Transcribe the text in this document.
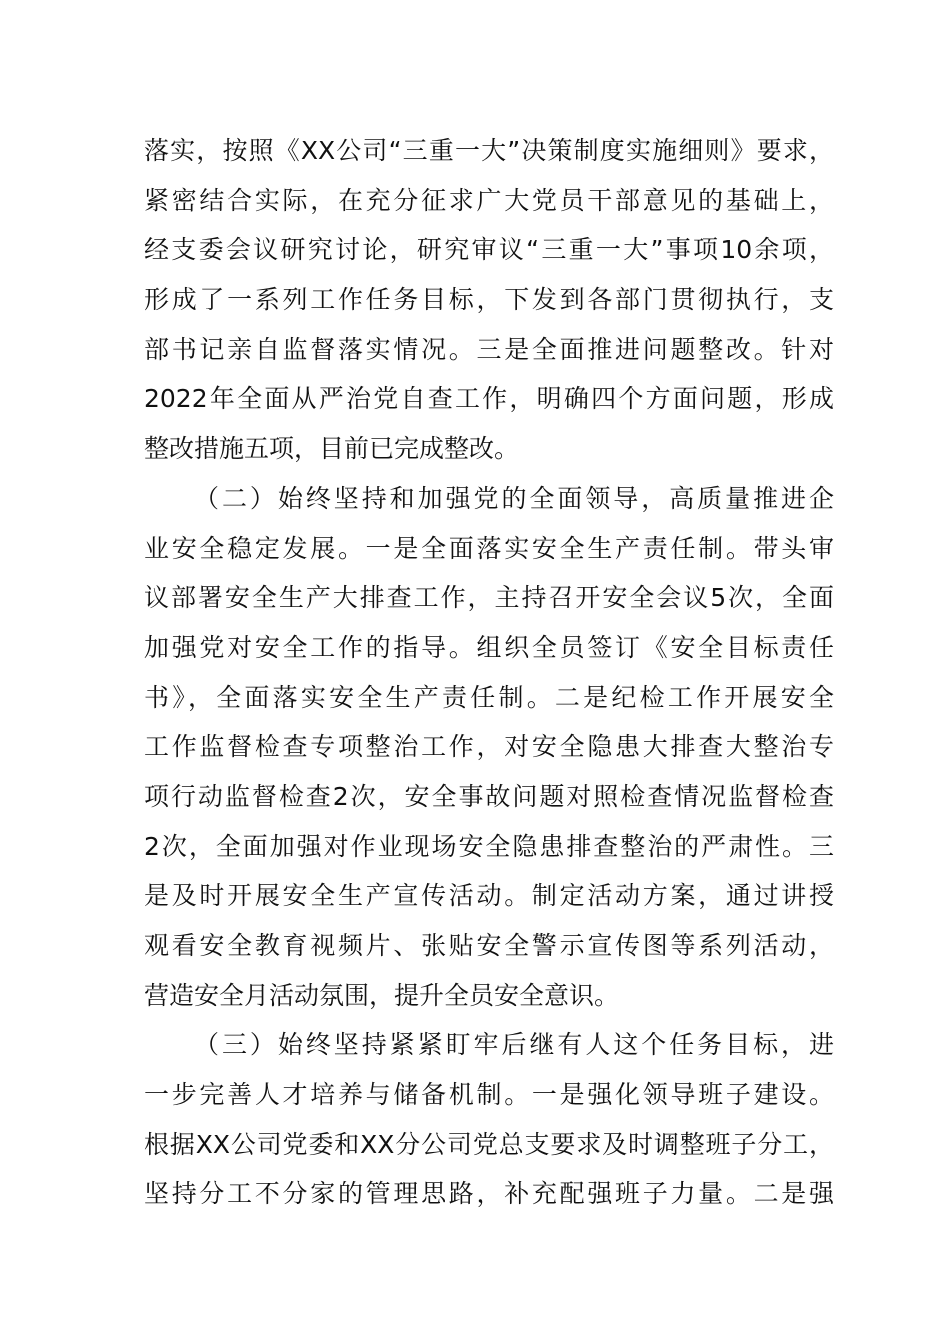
落实，按照《XX公司“三重一大”决策制度实施细则》要求，
紧密结合实际，在充分征求广大党员干部意见的基础上，
经支委会议研究讨论，研究审议“三重一大”事项10余项，
形成了一系列工作任务目标，下发到各部门贯彻执行，支
部书记亲自监督落实情况。三是全面推进问题整改。针对
2022年全面从严治党自查工作，明确四个方面问题，形成
整改措施五项，目前已完成整改。
（二）始终坚持和加强党的全面领导，高质量推进企
业安全稳定发展。一是全面落实安全生产责任制。带头审
议部署安全生产大排查工作，主持召开安全会议5次，全面
加强党对安全工作的指导。组织全员签订《安全目标责任
书》，全面落实安全生产责任制。二是纪检工作开展安全
工作监督检查专项整治工作，对安全隐患大排查大整治专
项行动监督检查2次，安全事故问题对照检查情况监督检查
2次，全面加强对作业现场安全隐患排查整治的严肃性。三
是及时开展安全生产宣传活动。制定活动方案，通过讲授
观看安全教育视频片、张贴安全警示宣传图等系列活动，
营造安全月活动氛围，提升全员安全意识。
（三）始终坚持紧紧盯牢后继有人这个任务目标，进
一步完善人才培养与储备机制。一是强化领导班子建设。
根据XX公司党委和XX分公司党总支要求及时调整班子分工，
坚持分工不分家的管理思路，补充配强班子力量。二是强
